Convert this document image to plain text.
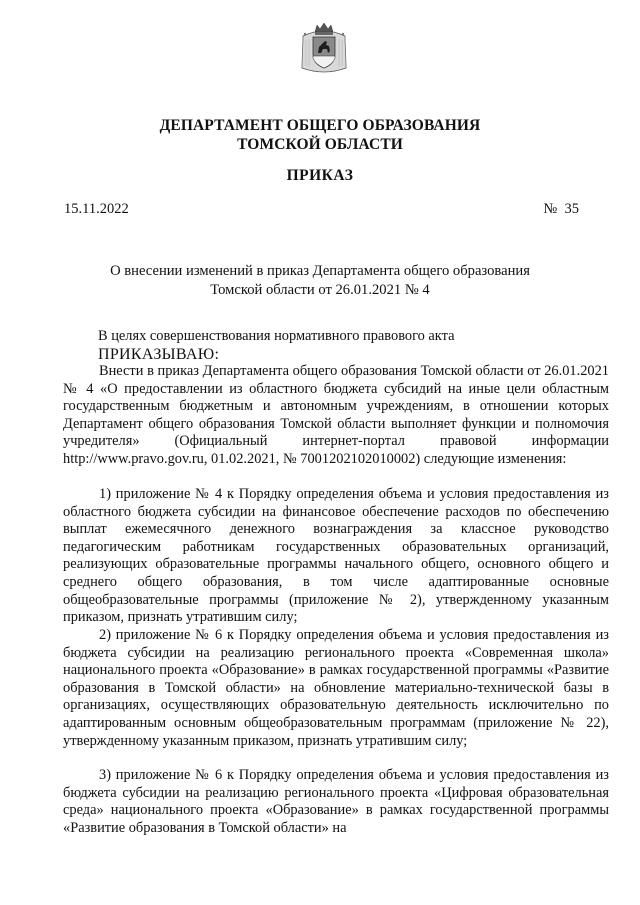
ДЕПАРТАМЕНТ ОБЩЕГО ОБРАЗОВАНИЯ
ТОМСКОЙ ОБЛАСТИ
ПРИКАЗ
15.11.2022	№  35
О внесении изменений в приказ Департамента общего образования
Томской области от 26.01.2021 № 4
В целях совершенствования нормативного правового акта
ПРИКАЗЫВАЮ:

Внести в приказ Департамента общего образования Томской области от 26.01.2021 № 4 «О предоставлении из областного бюджета субсидий на иные цели областным государственным бюджетным и автономным учреждениям, в отношении которых Департамент общего образования Томской области выполняет функции и полномочия учредителя» (Официальный интернет-портал правовой информации http://www.pravo.gov.ru, 01.02.2021, № 7001202102010002) следующие изменения:

1) приложение № 4 к Порядку определения объема и условия предоставления из областного бюджета субсидии на финансовое обеспечение расходов по обеспечению выплат ежемесячного денежного вознаграждения за классное руководство педагогическим работникам государственных образовательных организаций, реализующих образовательные программы начального общего, основного общего и среднего общего образования, в том числе адаптированные основные общеобразовательные программы (приложение № 2), утвержденному указанным приказом, признать утратившим силу;

2) приложение № 6 к Порядку определения объема и условия предоставления из бюджета субсидии на реализацию регионального проекта «Современная школа» национального проекта «Образование» в рамках государственной программы «Развитие образования в Томской области» на обновление материально-технической базы в организациях, осуществляющих образовательную деятельность исключительно по адаптированным основным общеобразовательным программам (приложение № 22), утвержденному указанным приказом, признать утратившим силу;

3) приложение № 6 к Порядку определения объема и условия предоставления из бюджета субсидии на реализацию регионального проекта «Цифровая образовательная среда» национального проекта «Образование» в рамках государственной программы «Развитие образования в Томской области» на
